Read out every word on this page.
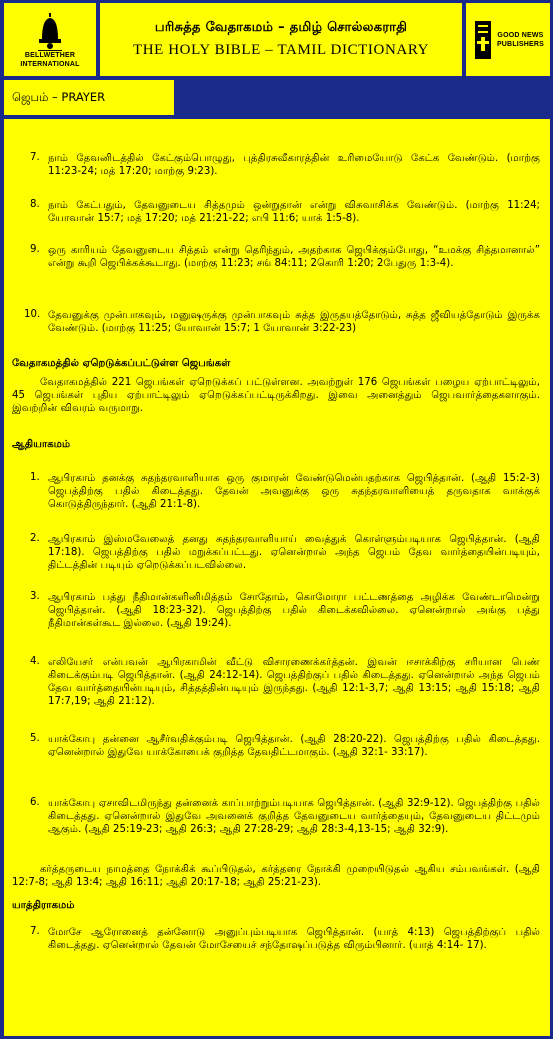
BELLWETHER
INTERNATIONAL
பரிசுத்த வேதாகமம் – தமிழ் சொல்லகராதி
THE HOLY BIBLE – TAMIL DICTIONARY
GOOD NEWS
PUBLISHERS
ஜெபம் – PRAYER
7. நாம் தேவனிடத்தில் கேட்கும்பொழுது, புத்திரசுவீகாரத்தின் உரிமையோடு கேட்க வேண்டும். (மாற்கு 11:23-24; மத் 17:20; மாற்கு 9:23).
8. நாம் கேட்பதும், தேவனுடைய சித்தமும் ஒன்றுதான் என்று விசுவாசிக்க வேண்டும். (மாற்கு 11:24; யோவான் 15:7; மத் 17:20; மத் 21:21-22; எபி 11:6; யாக் 1:5-8).
9. ஒரு காரியம் தேவனுடைய சித்தம் என்று தெரிந்தும், அதற்காக ஜெபிக்கும்போது, “உமக்கு சித்தமானால்” என்று கூறி ஜெபிக்கக்கூடாது. (மாற்கு 11:23; சங் 84:11; 2கொரி 1:20; 2பேதுரு 1:3-4).
10. தேவனுக்கு முன்பாகவும், மனுஷருக்கு முன்பாகவும் சுத்த இருதயத்தோடும், சுத்த ஜீவியத்தோடும் இருக்க வேண்டும். (மாற்கு 11:25; யோவான் 15:7; 1 யோவான் 3:22-23)
வேதாகமத்தில் ஏறெடுக்கப்பட்டுள்ள ஜெபங்கள்
வேதாகமத்தில் 221 ஜெபங்கள் ஏறெடுக்கப் பட்டுள்ளன. அவற்றுள் 176 ஜெபங்கள் பழைய ஏற்பாட்டிலும், 45 ஜெபங்கள் புதிய ஏற்பாட்டிலும் ஏறெடுக்கப்பட்டிருக்கிறது. இவை அனைத்தும் ஜெபவார்த்தைகளாகும். இவற்றின் விவரம் வருமாறு.
ஆதியாகமம்
1. ஆபிரகாம் தனக்கு சுதந்தரவாளியாக ஒரு குமாரன் வேண்டுமென்பதற்காக ஜெபித்தான். (ஆதி 15:2-3) ஜெபத்திற்கு பதில் கிடைத்தது. தேவன் அவனுக்கு ஒரு சுதந்தரவாளியைத் தருவதாக வாக்குக் கொடுத்திருந்தார். (ஆதி 21:1-8).
2. ஆபிரகாம் இஸ்மவேலைத் தனது சுதந்தரவாளியாய் வைத்துக் கொள்ளும்படியாக ஜெபித்தான். (ஆதி 17:18). ஜெபத்திற்கு பதில் மறுக்கப்பட்டது. ஏனென்றால் அந்த ஜெபம் தேவ வார்த்தையின்படியும், திட்டத்தின் படியும் ஏறெடுக்கப்படவில்லை.
3. ஆபிரகாம் பத்து நீதிமான்களினிமித்தம் சோதோம், கொமோரா பட்டணத்தை அழிக்க வேண்டாமென்று ஜெபித்தான். (ஆதி 18:23-32). ஜெபத்திற்கு பதில் கிடைக்கவில்லை. ஏனென்றால் அங்கு பத்து நீதிமான்கள்கூட இல்லை. (ஆதி 19:24).
4. எலியேசர் என்பவன் ஆபிரகாமின் வீட்டு விசாரணைக்கர்த்தன். இவன் ஈசாக்கிற்கு சரியான பெண் கிடைக்கும்படி ஜெபித்தான். (ஆதி 24:12-14). ஜெபத்திற்குப் பதில் கிடைத்தது. ஏனென்றால் அந்த ஜெபம் தேவ வார்த்தையின்படியும், சித்தத்தின்படியும் இருந்தது. (ஆதி 12:1-3,7; ஆதி 13:15; ஆதி 15:18; ஆதி 17:7,19; ஆதி 21:12).
5. யாக்கோபு தன்னை ஆசீர்வதிக்கும்படி ஜெபித்தான். (ஆதி 28:20-22). ஜெபத்திற்கு பதில் கிடைத்தது. ஏனென்றால் இதுவே யாக்கோபைக் குறித்த தேவதிட்டமாகும். (ஆதி 32:1- 33:17).
6. யாக்கோபு ஏசாவிடமிருந்து தன்னைக் காப்பாற்றும்படியாக ஜெபித்தான். (ஆதி 32:9-12). ஜெபத்திற்கு பதில் கிடைத்தது. ஏனென்றால் இதுவே அவனைக் குறித்த தேவனுடைய வார்த்தையும், தேவனுடைய திட்டமும் ஆகும். (ஆதி 25:19-23; ஆதி 26:3; ஆதி 27:28-29; ஆதி 28:3-4,13-15; ஆதி 32:9).
கர்த்தருடைய நாமத்தை நோக்கிக் கூப்பிடுதல், கர்த்தரை நோக்கி முறையிடுதல் ஆகிய சம்பவங்கள். (ஆதி 12:7-8; ஆதி 13:4; ஆதி 16:11; ஆதி 20:17-18; ஆதி 25:21-23).
யாத்திராகமம்
7. மோசே ஆரோனைத் தன்னோடு அனுப்பும்படியாக ஜெபித்தான். (யாத் 4:13) ஜெபத்திற்குப் பதில் கிடைத்தது. ஏனென்றால் தேவன் மோசேயைச் சந்தோஷப்படுத்த விரும்பினார். (யாத் 4:14- 17).
